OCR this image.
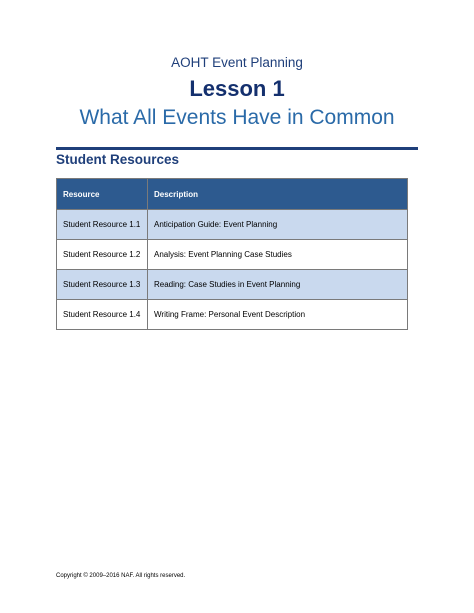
AOHT Event Planning
Lesson 1
What All Events Have in Common
Student Resources
Resource	Description
Student Resource 1.1	Anticipation Guide: Event Planning
Student Resource 1.2	Analysis: Event Planning Case Studies
Student Resource 1.3	Reading: Case Studies in Event Planning
Student Resource 1.4	Writing Frame: Personal Event Description
Copyright © 2009–2016 NAF. All rights reserved.
